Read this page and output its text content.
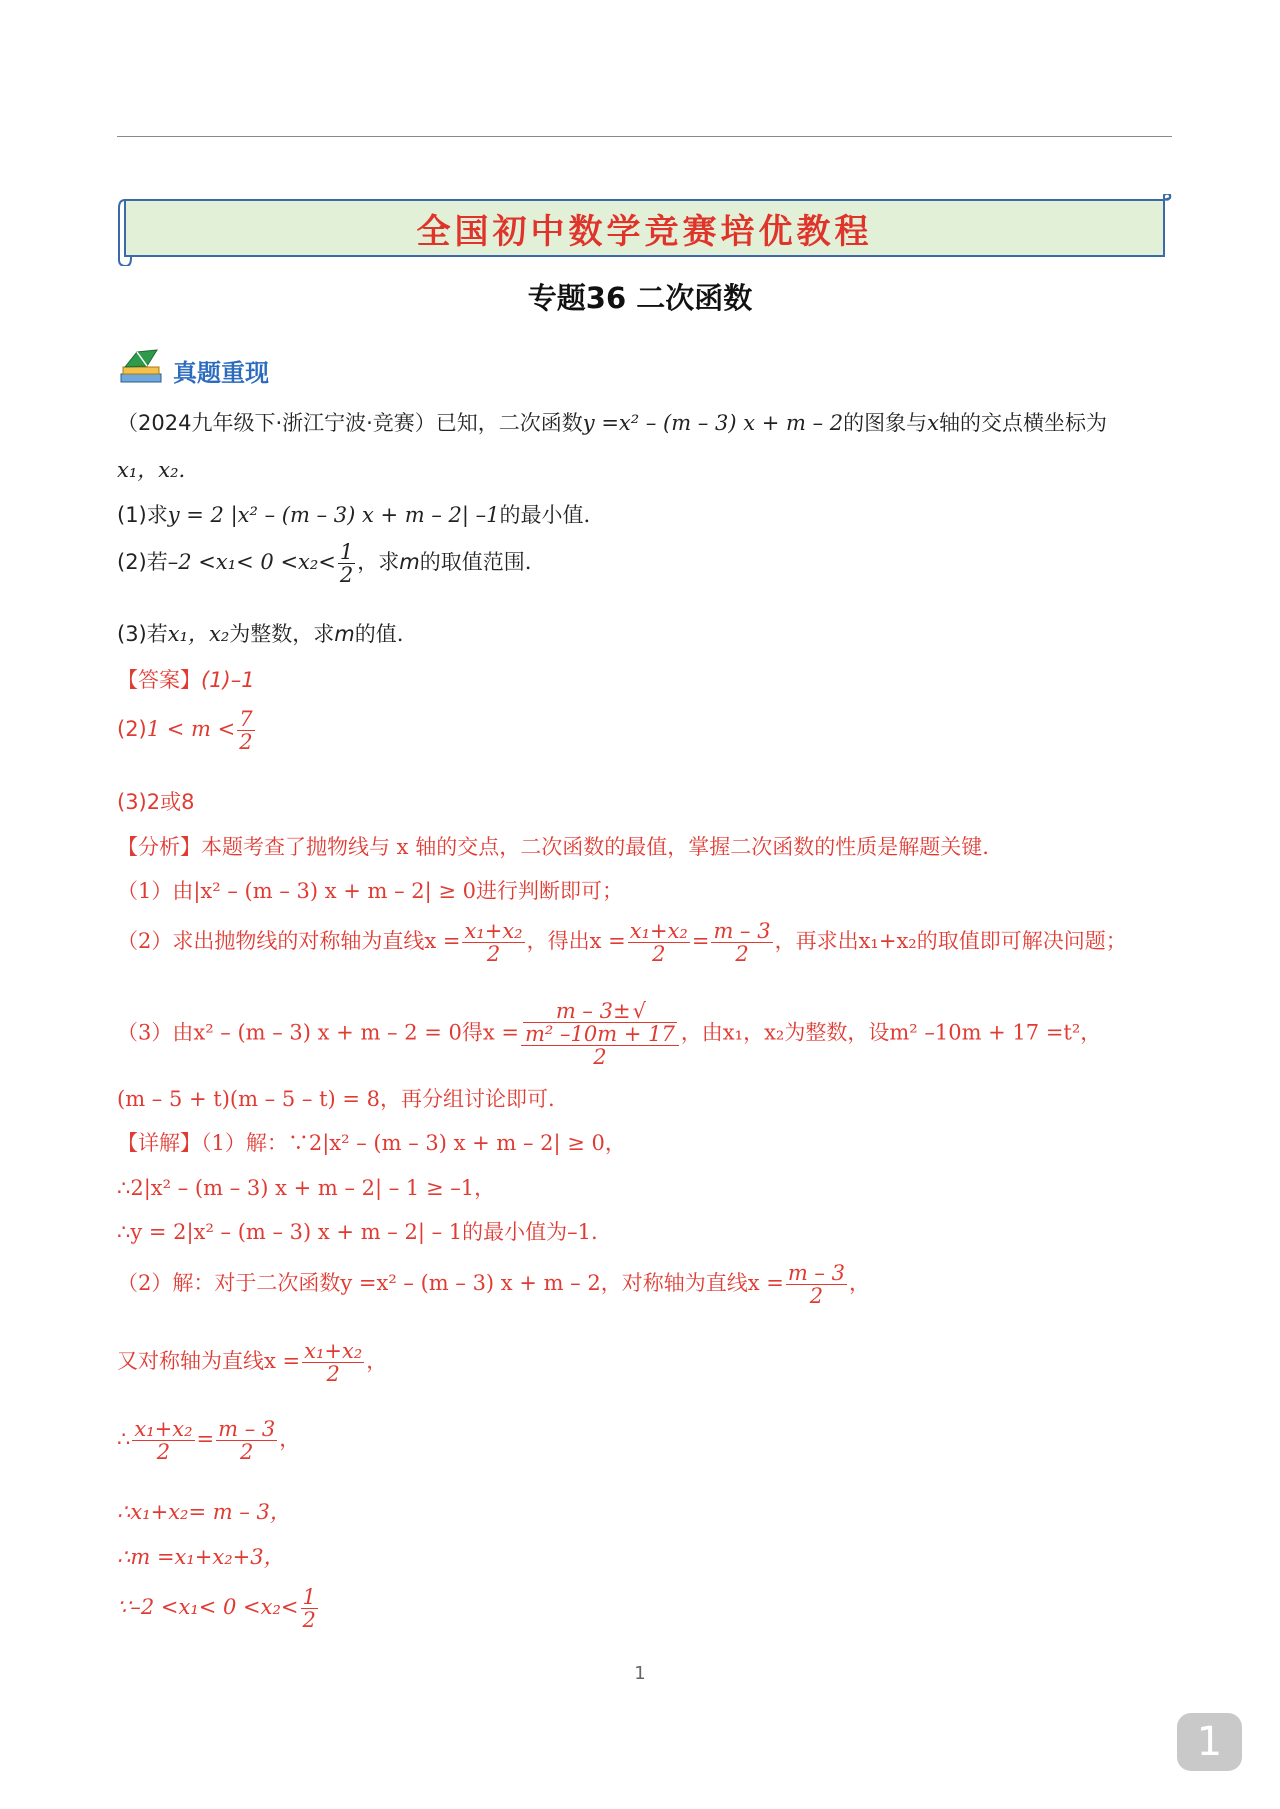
全国初中数学竞赛培优教程
专题36 二次函数
真题重现
（2024九年级下·浙江宁波·竞赛）已知，二次函数y =x² – (m – 3) x + m – 2的图象与x轴的交点横坐标为
x₁，x₂.
(1)求y = 2 |x² – (m – 3) x + m – 2| –1的最小值.
(2)若$-2 <x_1< 0 <x_2< \frac{1}{2}$ ，求m的取值范围.
(3)若x₁，x₂为整数，求m的值.
【答案】(1)–1
$(2)1 < m < \frac{7}{2}$
(3)2或8
【分析】本题考查了抛物线与 x 轴的交点，二次函数的最值，掌握二次函数的性质是解题关键.
（1）由|x² – (m – 3) x + m – 2| ≥ 0进行判断即可；
（2）求出抛物线的对称轴为直线$x = \frac{\text{x₁+x₂}}{2}$ ，得出$x = \frac{\text{x₁+x₂}}{2} = \frac{m - 3}{2}$ ，再求出x₁+x₂的取值即可解决问题；
（3）由x² – (m – 3) x + m – 2 = 0得x = m – 3±√
m² –10m + 17
2 ，由x₁，x₂为整数，设m² –10m + 17 =t²，
(m – 5 + t)(m – 5 – t) = 8，再分组讨论即可.
【详解】（1）解：∵2|x² – (m – 3) x + m – 2| ≥ 0，
∴2|x² – (m – 3) x + m – 2| – 1 ≥ –1，
∴y = 2|x² – (m – 3) x + m – 2| – 1的最小值为–1.
（2）解：对于二次函数y =x² – (m – 3) x + m – 2，对称轴为直线$x = \frac{m - 3}{2}$ ，
又对称轴为直线$x = \frac{\text{x₁+x₂}}{2}$ ，
∴ $\frac{\text{x₁+x₂}}{2} = \frac{m - 3}{2}$ ，
∴x₁+x₂= m – 3，
∴m =x₁+x₂+3，
∵–2 $<x_1< 0 <x_2< \frac{1}{2}$
1
1
